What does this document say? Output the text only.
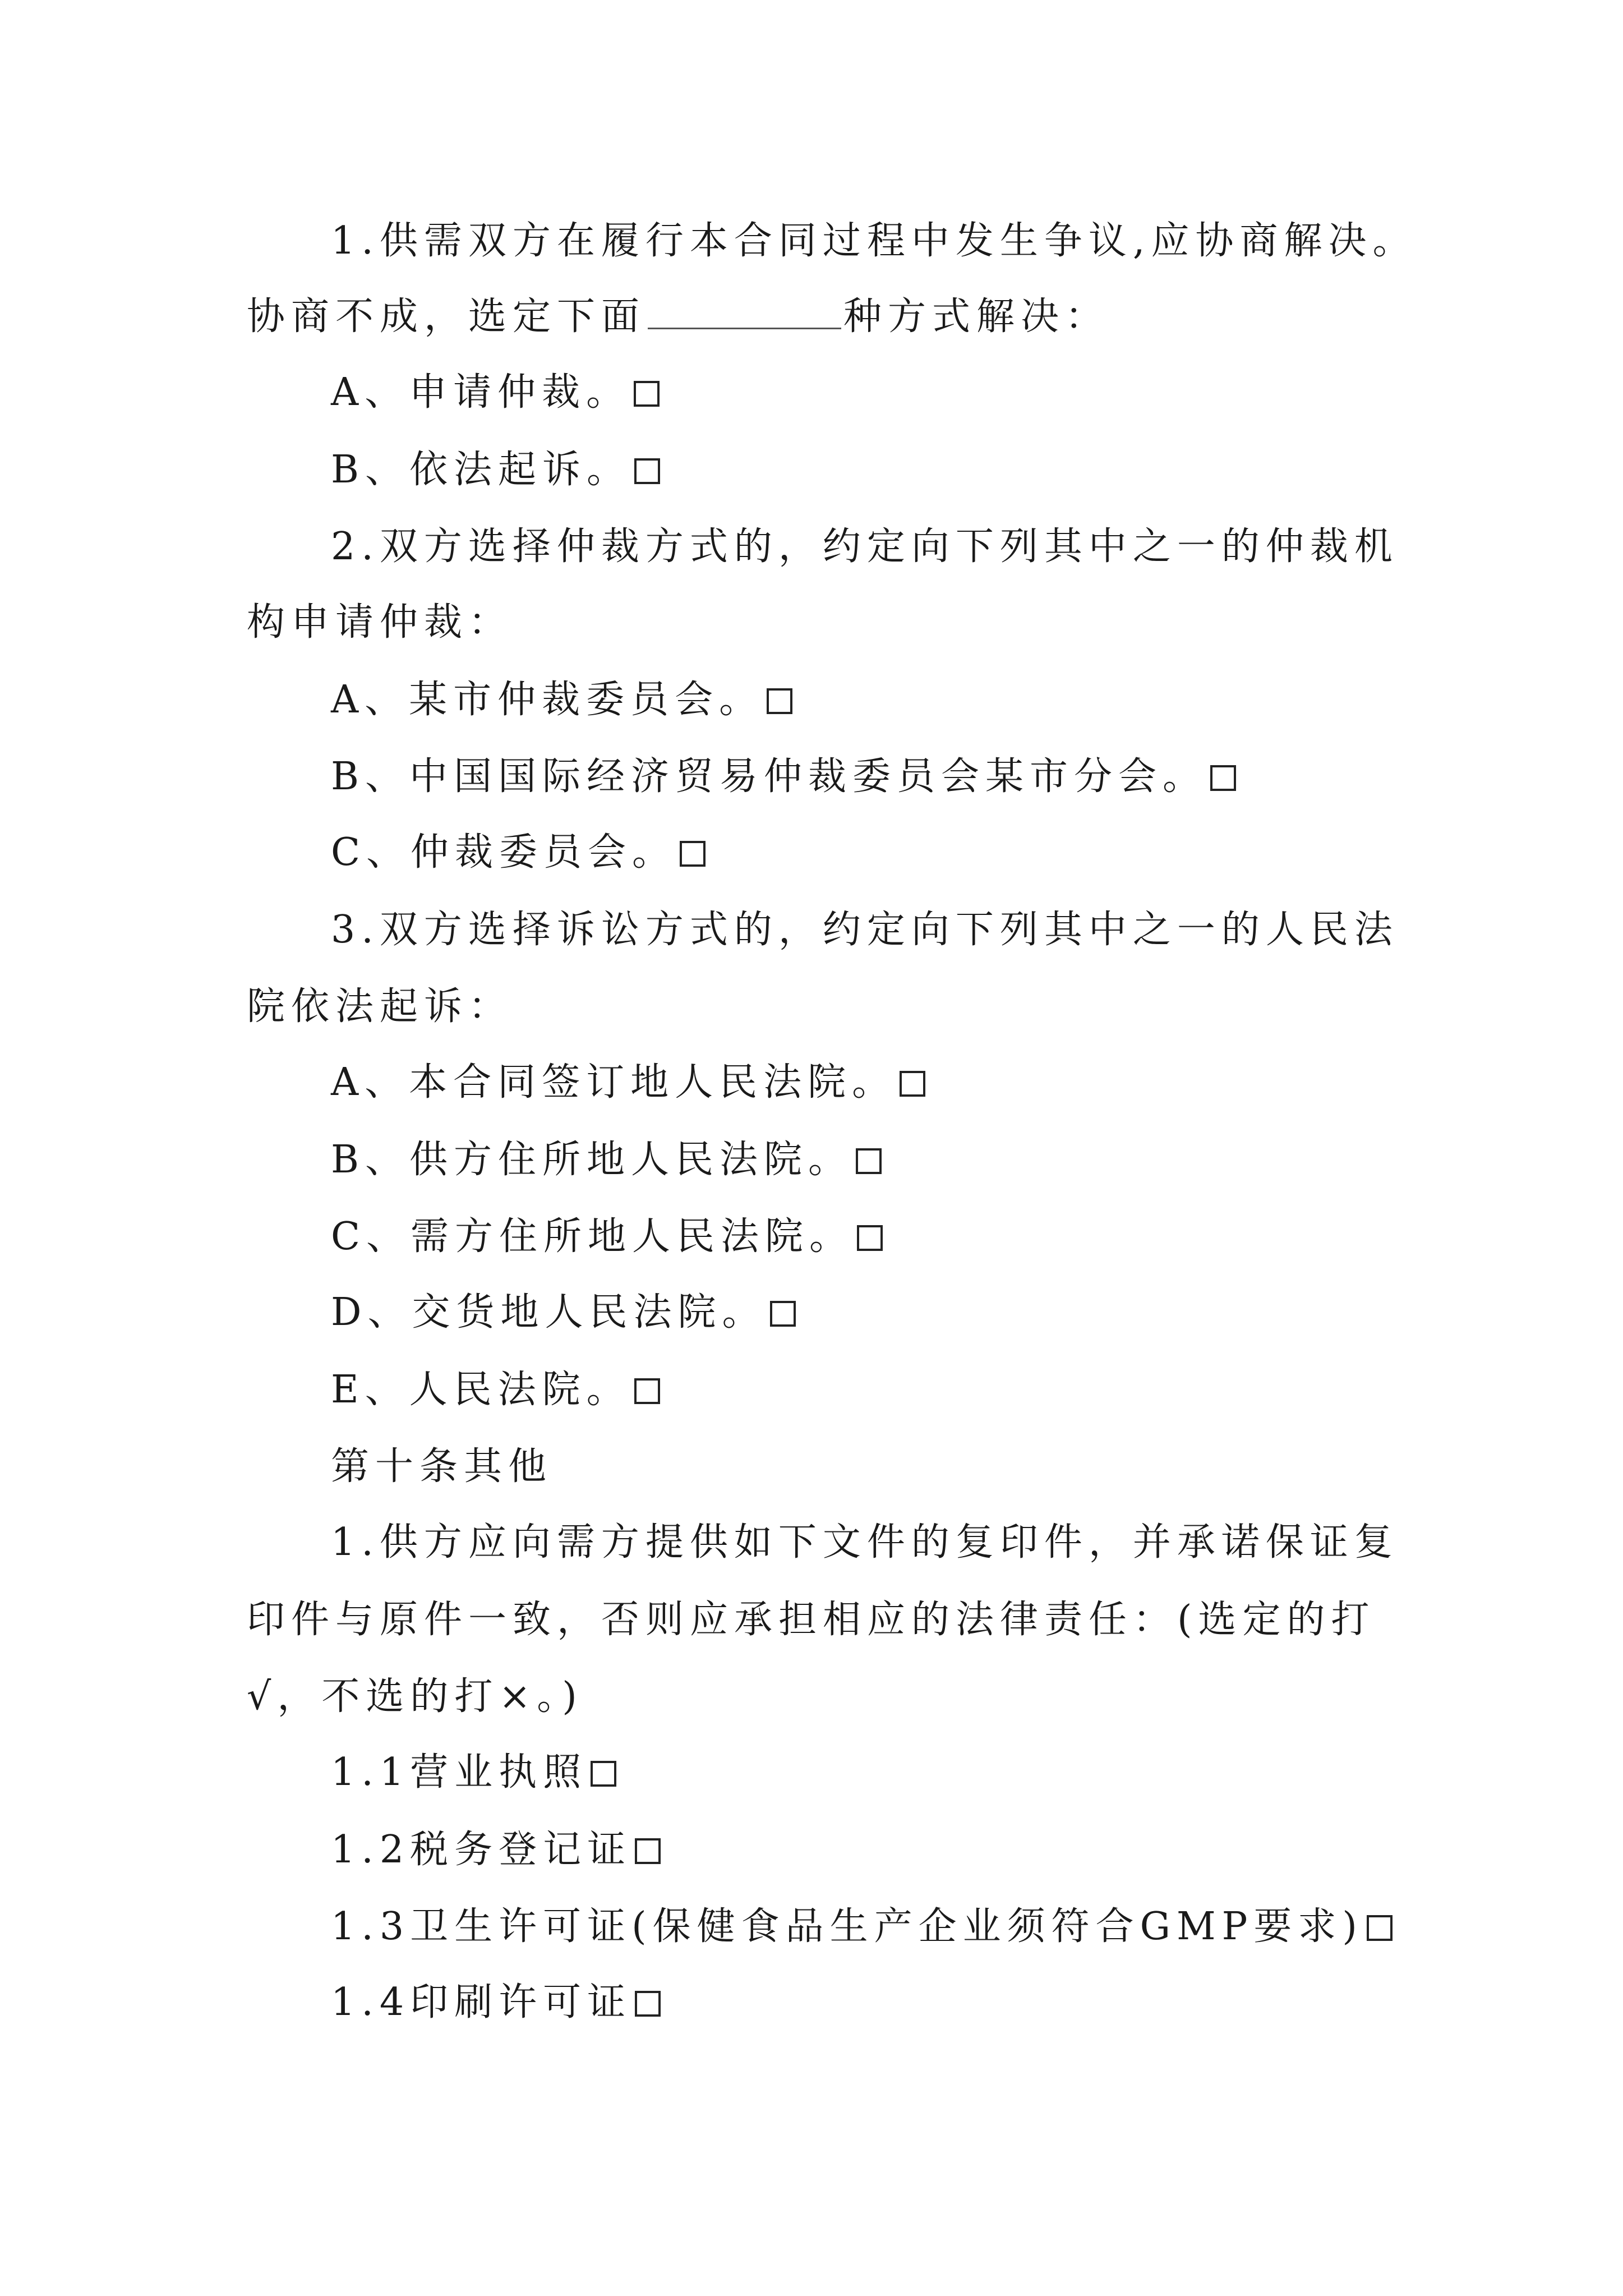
1.供需双方在履行本合同过程中发生争议,应协商解决。
协商不成，选定下面	种方式解决：
A、申请仲裁。
B、依法起诉。
2.双方选择仲裁方式的，约定向下列其中之一的仲裁机
构申请仲裁：
A、某市仲裁委员会。
B、中国国际经济贸易仲裁委员会某市分会。
C、仲裁委员会。
3.双方选择诉讼方式的，约定向下列其中之一的人民法
院依法起诉：
A、本合同签订地人民法院。
B、供方住所地人民法院。
C、需方住所地人民法院。
D、交货地人民法院。
E、人民法院。
第十条其他
1.供方应向需方提供如下文件的复印件，并承诺保证复
印件与原件一致，否则应承担相应的法律责任：(选定的打
√，不选的打×。)
1.1营业执照
1.2税务登记证
1.3卫生许可证(保健食品生产企业须符合GMP要求)
1.4印刷许可证
